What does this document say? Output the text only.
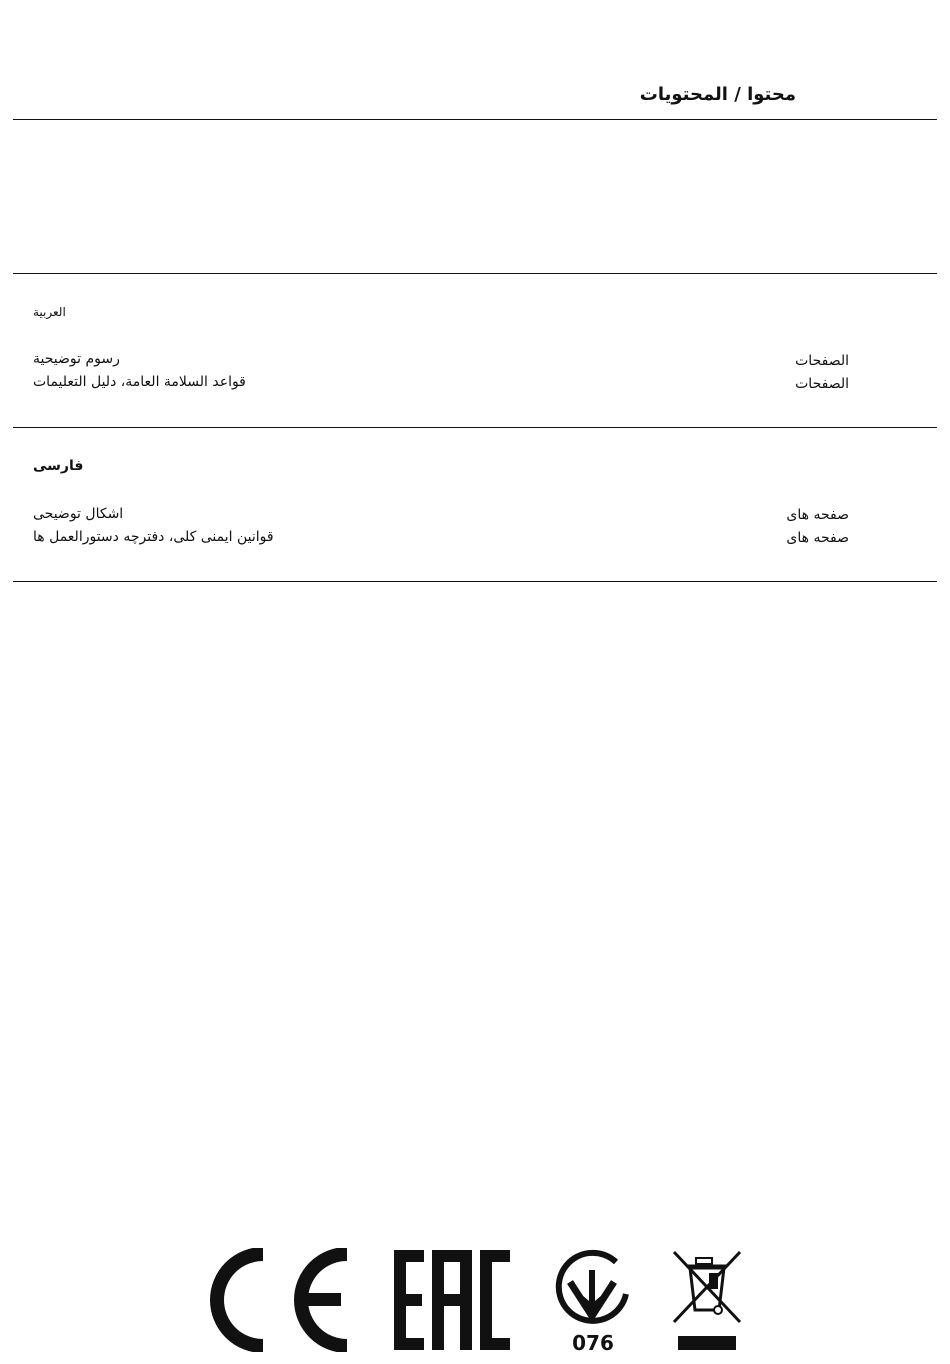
محتوا / المحتويات
العربية
رسوم توضيحية
قواعد السلامة العامة، دليل التعليمات
الصفحات
الصفحات
فارسی
اشکال توضیحی
قوانین ایمنی کلی، دفترچه دستورالعمل ها
صفحه های
صفحه های
076
